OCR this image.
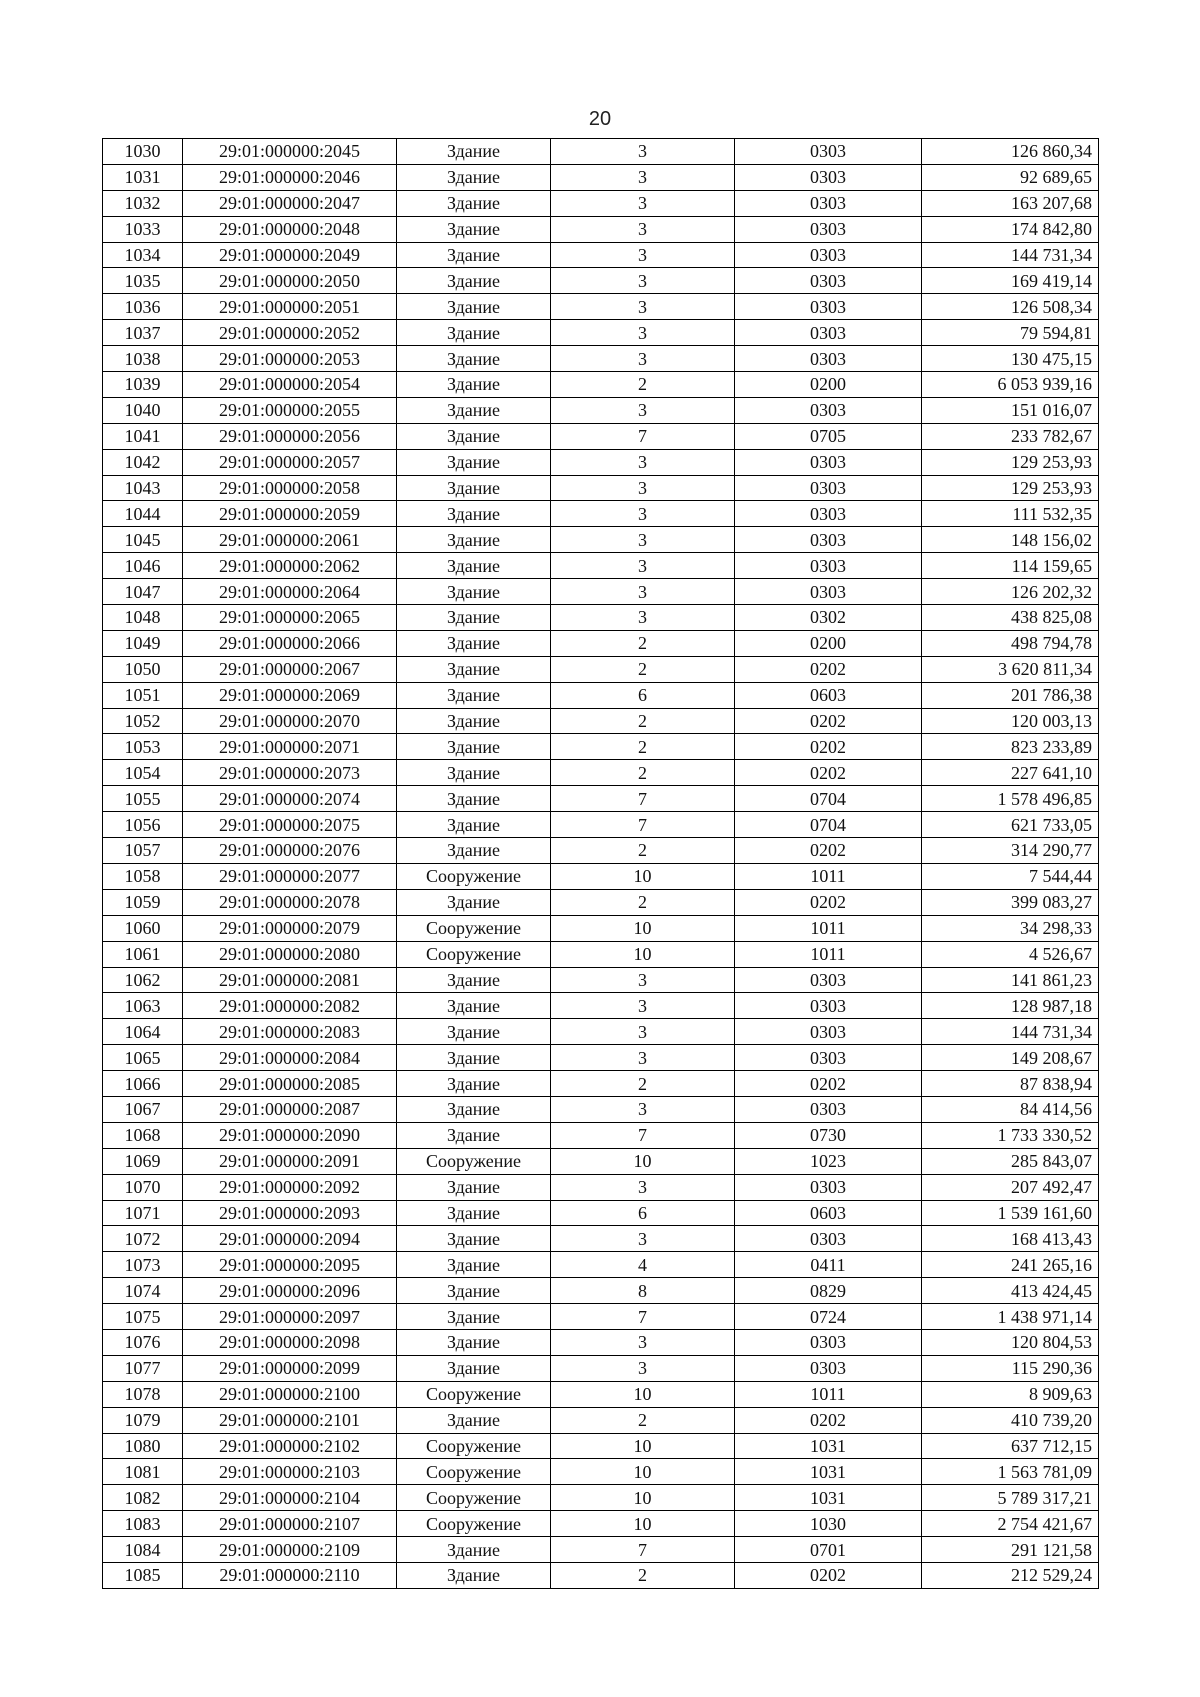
20
1030	29:01:000000:2045	Здание	3	0303	126 860,34
1031	29:01:000000:2046	Здание	3	0303	92 689,65
1032	29:01:000000:2047	Здание	3	0303	163 207,68
1033	29:01:000000:2048	Здание	3	0303	174 842,80
1034	29:01:000000:2049	Здание	3	0303	144 731,34
1035	29:01:000000:2050	Здание	3	0303	169 419,14
1036	29:01:000000:2051	Здание	3	0303	126 508,34
1037	29:01:000000:2052	Здание	3	0303	79 594,81
1038	29:01:000000:2053	Здание	3	0303	130 475,15
1039	29:01:000000:2054	Здание	2	0200	6 053 939,16
1040	29:01:000000:2055	Здание	3	0303	151 016,07
1041	29:01:000000:2056	Здание	7	0705	233 782,67
1042	29:01:000000:2057	Здание	3	0303	129 253,93
1043	29:01:000000:2058	Здание	3	0303	129 253,93
1044	29:01:000000:2059	Здание	3	0303	111 532,35
1045	29:01:000000:2061	Здание	3	0303	148 156,02
1046	29:01:000000:2062	Здание	3	0303	114 159,65
1047	29:01:000000:2064	Здание	3	0303	126 202,32
1048	29:01:000000:2065	Здание	3	0302	438 825,08
1049	29:01:000000:2066	Здание	2	0200	498 794,78
1050	29:01:000000:2067	Здание	2	0202	3 620 811,34
1051	29:01:000000:2069	Здание	6	0603	201 786,38
1052	29:01:000000:2070	Здание	2	0202	120 003,13
1053	29:01:000000:2071	Здание	2	0202	823 233,89
1054	29:01:000000:2073	Здание	2	0202	227 641,10
1055	29:01:000000:2074	Здание	7	0704	1 578 496,85
1056	29:01:000000:2075	Здание	7	0704	621 733,05
1057	29:01:000000:2076	Здание	2	0202	314 290,77
1058	29:01:000000:2077	Сооружение	10	1011	7 544,44
1059	29:01:000000:2078	Здание	2	0202	399 083,27
1060	29:01:000000:2079	Сооружение	10	1011	34 298,33
1061	29:01:000000:2080	Сооружение	10	1011	4 526,67
1062	29:01:000000:2081	Здание	3	0303	141 861,23
1063	29:01:000000:2082	Здание	3	0303	128 987,18
1064	29:01:000000:2083	Здание	3	0303	144 731,34
1065	29:01:000000:2084	Здание	3	0303	149 208,67
1066	29:01:000000:2085	Здание	2	0202	87 838,94
1067	29:01:000000:2087	Здание	3	0303	84 414,56
1068	29:01:000000:2090	Здание	7	0730	1 733 330,52
1069	29:01:000000:2091	Сооружение	10	1023	285 843,07
1070	29:01:000000:2092	Здание	3	0303	207 492,47
1071	29:01:000000:2093	Здание	6	0603	1 539 161,60
1072	29:01:000000:2094	Здание	3	0303	168 413,43
1073	29:01:000000:2095	Здание	4	0411	241 265,16
1074	29:01:000000:2096	Здание	8	0829	413 424,45
1075	29:01:000000:2097	Здание	7	0724	1 438 971,14
1076	29:01:000000:2098	Здание	3	0303	120 804,53
1077	29:01:000000:2099	Здание	3	0303	115 290,36
1078	29:01:000000:2100	Сооружение	10	1011	8 909,63
1079	29:01:000000:2101	Здание	2	0202	410 739,20
1080	29:01:000000:2102	Сооружение	10	1031	637 712,15
1081	29:01:000000:2103	Сооружение	10	1031	1 563 781,09
1082	29:01:000000:2104	Сооружение	10	1031	5 789 317,21
1083	29:01:000000:2107	Сооружение	10	1030	2 754 421,67
1084	29:01:000000:2109	Здание	7	0701	291 121,58
1085	29:01:000000:2110	Здание	2	0202	212 529,24
